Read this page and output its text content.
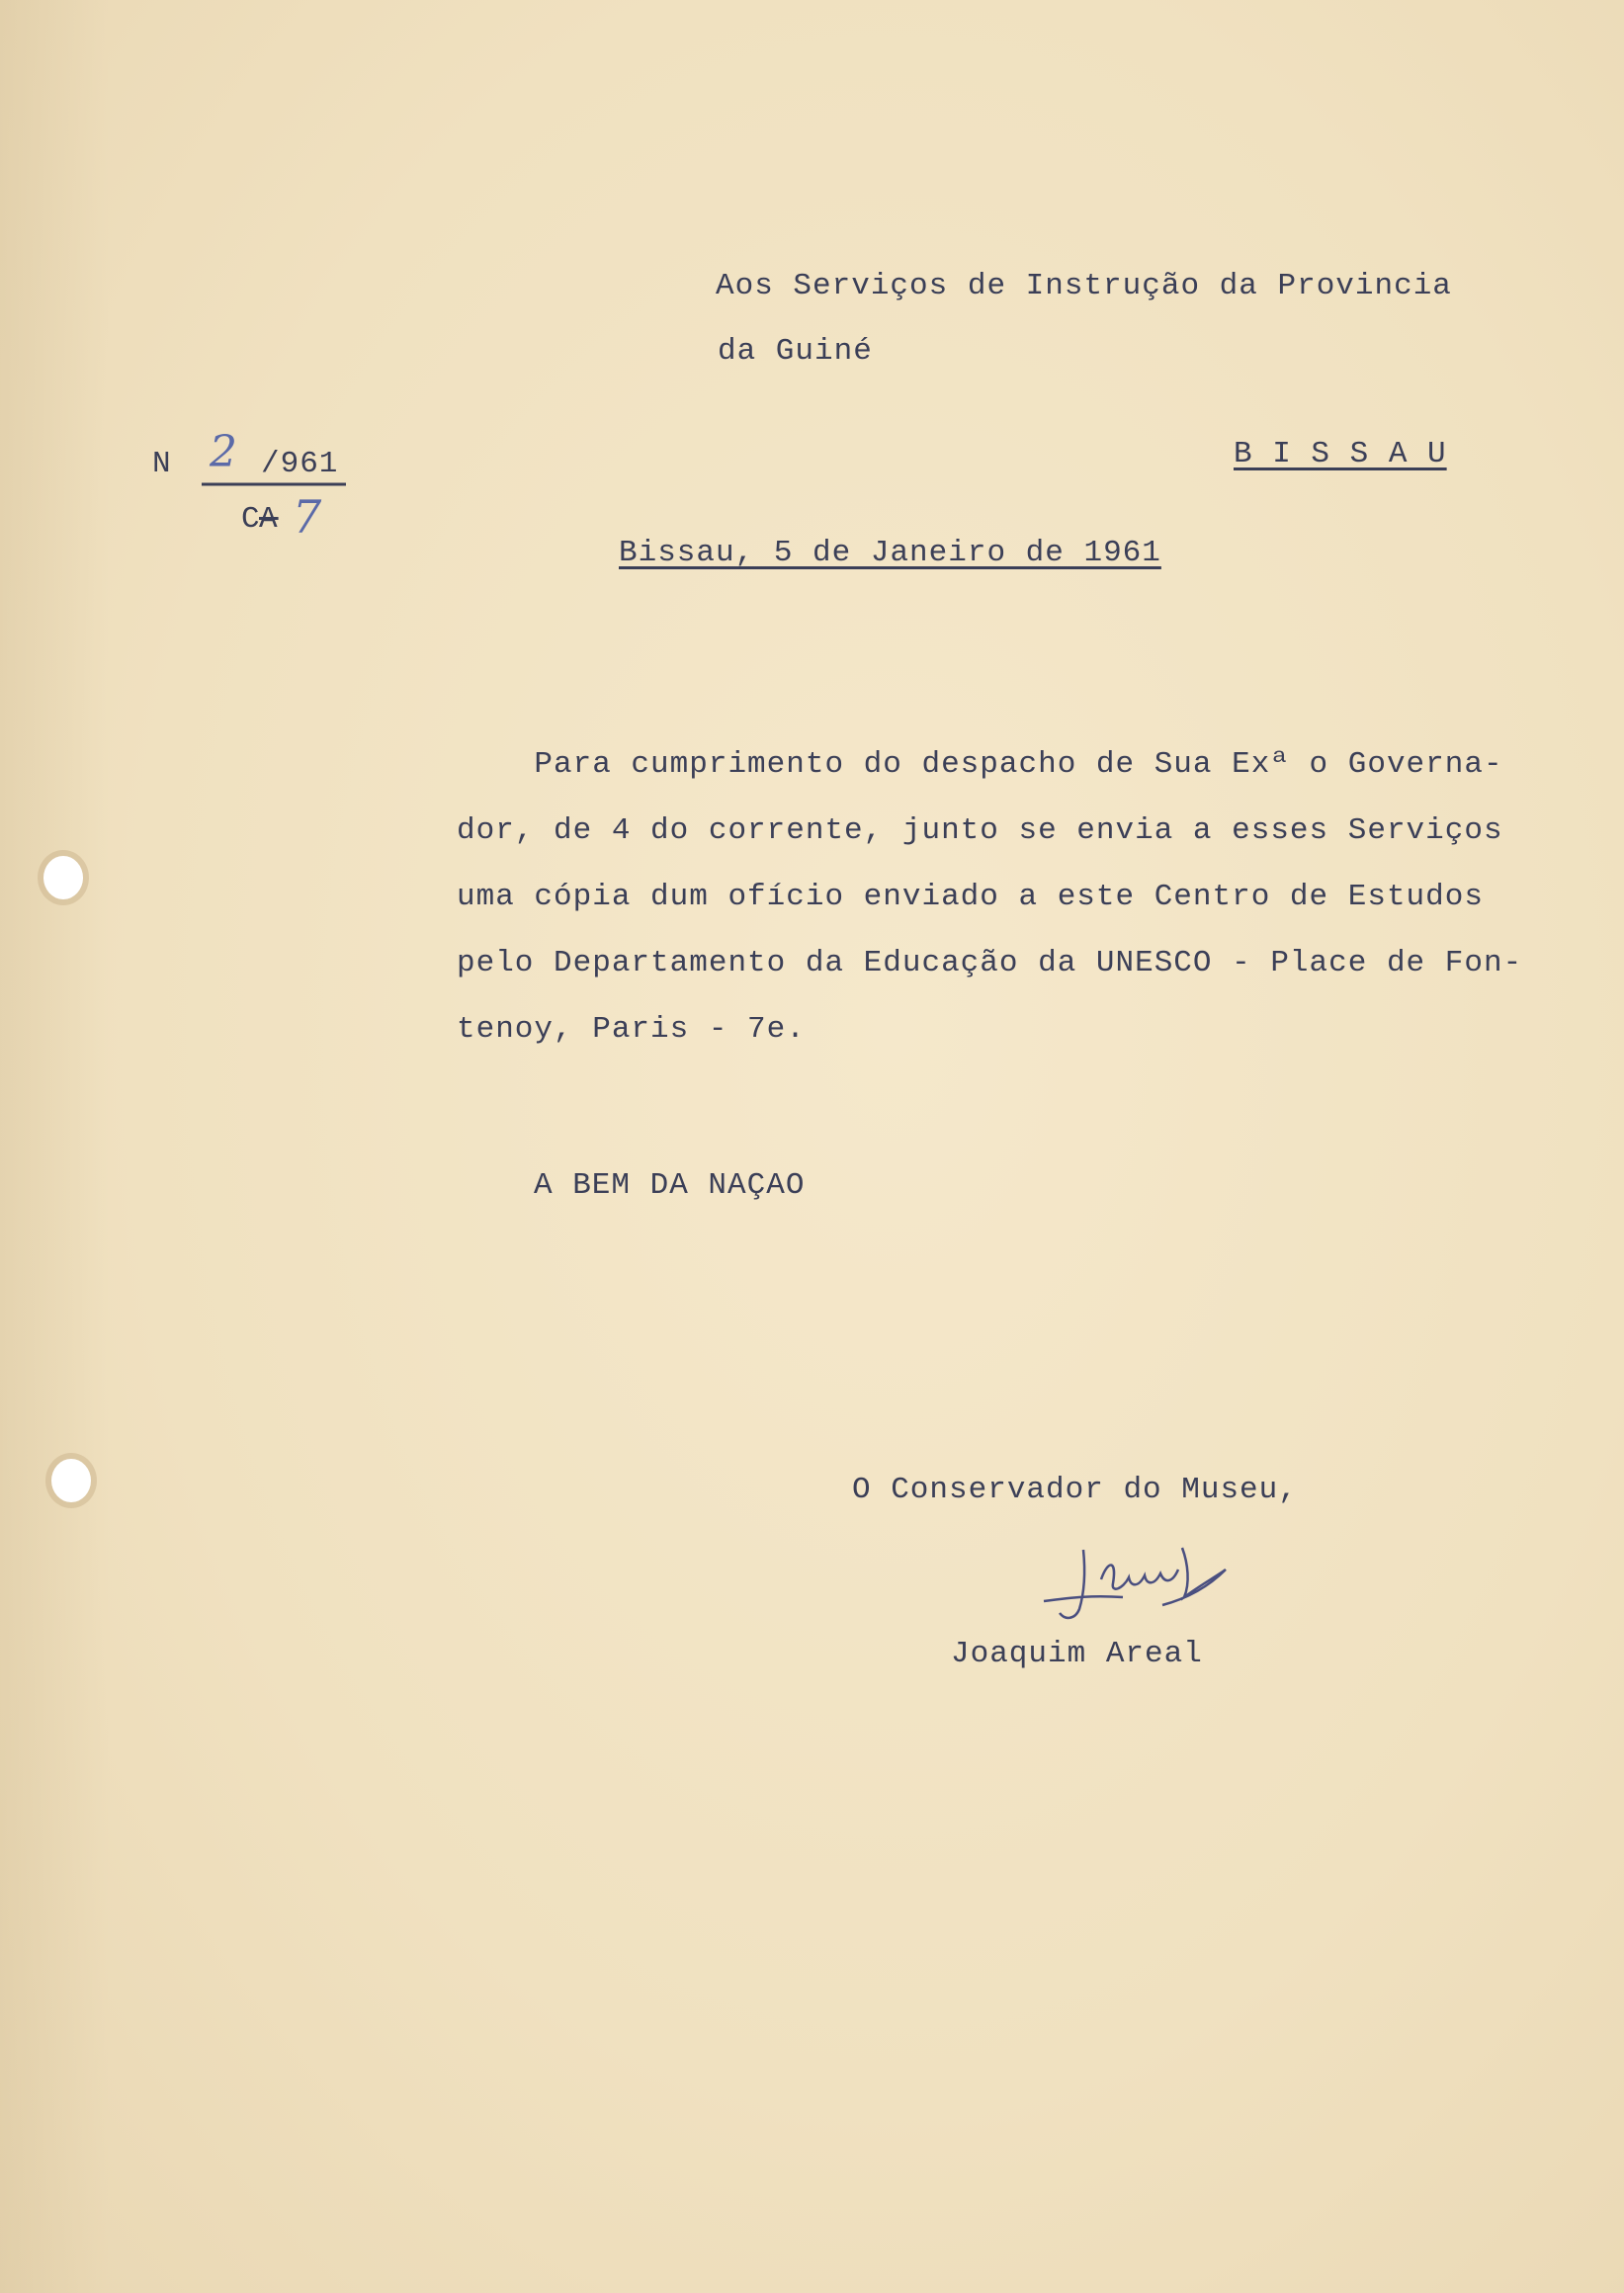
Aos Serviços de Instrução da Provincia
da Guiné
B I S S A U
N 2 /961
C
A 7
Bissau, 5 de Janeiro de 1961
Para cumprimento do despacho de Sua Exª o Governa-
dor, de 4 do corrente, junto se envia a esses Serviços
uma cópia dum ofício enviado a este Centro de Estudos
pelo Departamento da Educação da UNESCO - Place de Fon-
tenoy, Paris - 7e.
A BEM DA NAÇAO
O Conservador do Museu,
Joaquim Areal
